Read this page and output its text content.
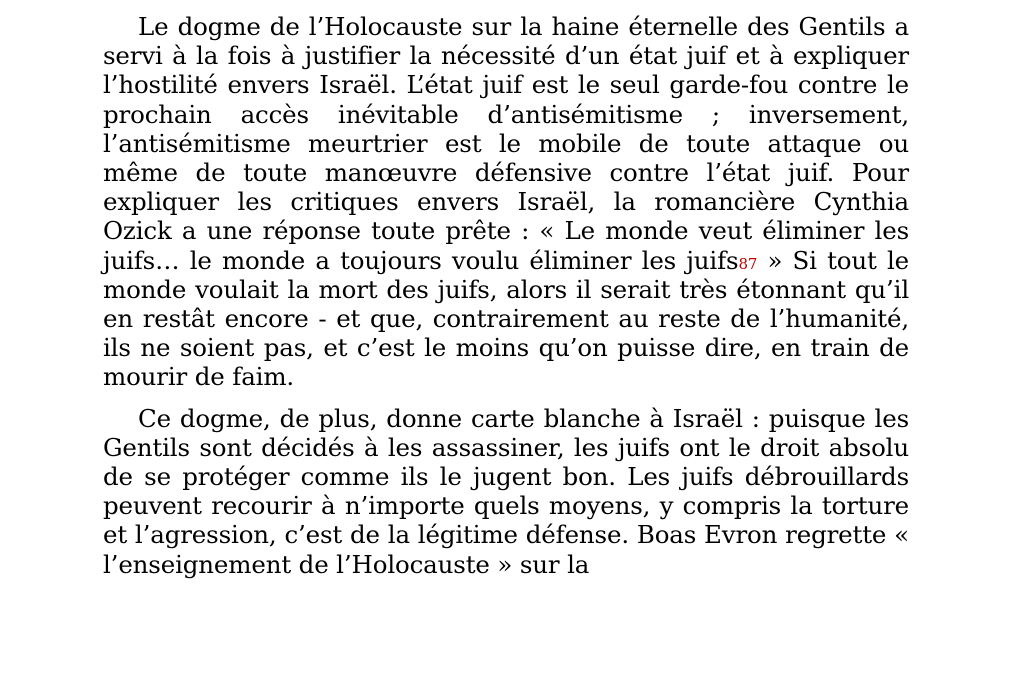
Le dogme de l’Holocauste sur la haine éternelle des Gentils a servi à la fois à justifier la nécessité d’un état juif et à expliquer l’hostilité envers Israël. L’état juif est le seul garde-fou contre le prochain accès inévitable d’antisémitisme ; inversement, l’antisémitisme meurtrier est le mobile de toute attaque ou même de toute manœuvre défensive contre l’état juif. Pour expliquer les critiques envers Israël, la romancière Cynthia Ozick a une réponse toute prête : « Le monde veut éliminer les juifs… le monde a toujours voulu éliminer les juifs87 » Si tout le monde voulait la mort des juifs, alors il serait très étonnant qu’il en restât encore - et que, contrairement au reste de l’humanité, ils ne soient pas, et c’est le moins qu’on puisse dire, en train de mourir de faim.

Ce dogme, de plus, donne carte blanche à Israël : puisque les Gentils sont décidés à les assassiner, les juifs ont le droit absolu de se protéger comme ils le jugent bon. Les juifs débrouillards peuvent recourir à n’importe quels moyens, y compris la torture et l’agression, c’est de la légitime défense. Boas Evron regrette « l’enseignement de l’Holocauste » sur la
